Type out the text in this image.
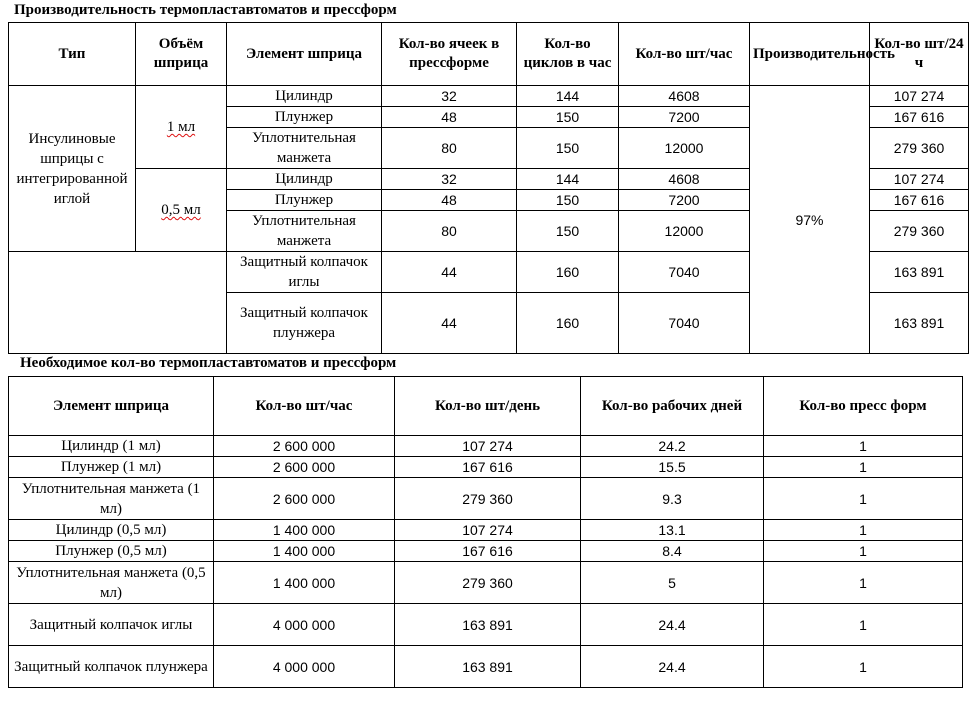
Производительность термопластавтоматов и прессформ
Тип	Объём шприца	Элемент шприца	Кол-во ячеек в прессформе	Кол-во циклов в час	Кол-во шт/час	Производительность	Кол-во шт/24 ч
Инсулиновые шприцы с интегрированной иглой	1 мл	Цилиндр	32	144	4608	97%	107 274
		Плунжер	48	150	7200		167 616
		Уплотнительная манжета	80	150	12000		279 360
	0,5 мл	Цилиндр	32	144	4608		107 274
		Плунжер	48	150	7200		167 616
		Уплотнительная манжета	80	150	12000		279 360
		Защитный колпачок иглы	44	160	7040		163 891
		Защитный колпачок плунжера	44	160	7040		163 891
Необходимое кол-во термопластавтоматов и прессформ
Элемент шприца	Кол-во шт/час	Кол-во шт/день	Кол-во рабочих дней	Кол-во пресс форм
Цилиндр (1 мл)	2 600 000	107 274	24.2	1
Плунжер (1 мл)	2 600 000	167 616	15.5	1
Уплотнительная манжета (1 мл)	2 600 000	279 360	9.3	1
Цилиндр (0,5 мл)	1 400 000	107 274	13.1	1
Плунжер (0,5 мл)	1 400 000	167 616	8.4	1
Уплотнительная манжета (0,5 мл)	1 400 000	279 360	5	1
Защитный колпачок иглы	4 000 000	163 891	24.4	1
Защитный колпачок плунжера	4 000 000	163 891	24.4	1
